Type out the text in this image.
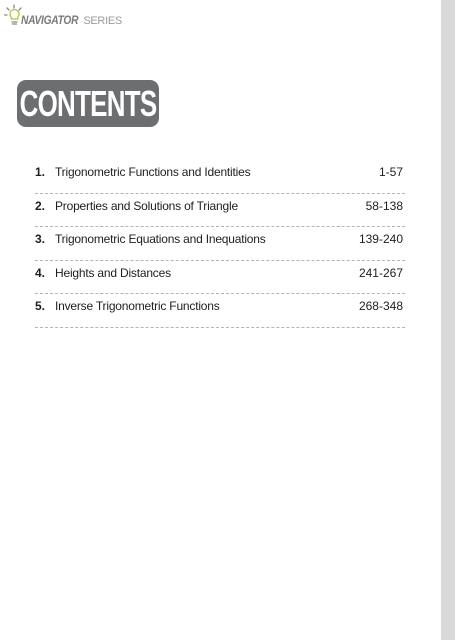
NAVIGATOR SERIES
CONTENTS
1. Trigonometric Functions and Identities	1-57
2. Properties and Solutions of Triangle	58-138
3. Trigonometric Equations and Inequations	139-240
4. Heights and Distances	241-267
5. Inverse Trigonometric Functions	268-348
